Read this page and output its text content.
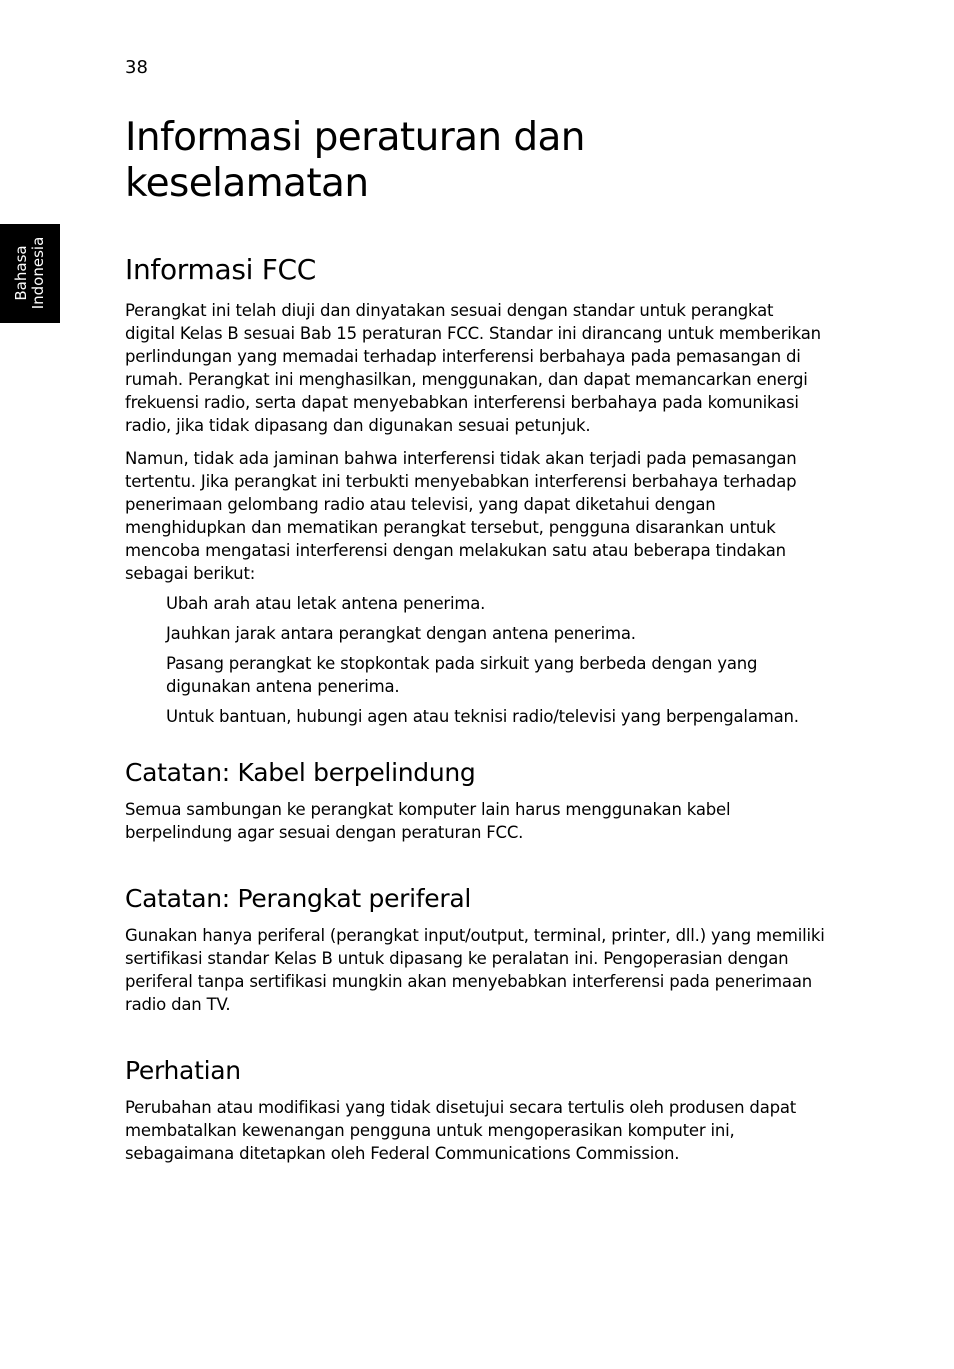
38
Bahasa Indonesia
Informasi peraturan dan
keselamatan
Informasi FCC

Perangkat ini telah diuji dan dinyatakan sesuai dengan standar untuk perangkat digital Kelas B sesuai Bab 15 peraturan FCC. Standar ini dirancang untuk memberikan perlindungan yang memadai terhadap interferensi berbahaya pada pemasangan di rumah. Perangkat ini menghasilkan, menggunakan, dan dapat memancarkan energi frekuensi radio, serta dapat menyebabkan interferensi berbahaya pada komunikasi radio, jika tidak dipasang dan digunakan sesuai petunjuk.

Namun, tidak ada jaminan bahwa interferensi tidak akan terjadi pada pemasangan tertentu. Jika perangkat ini terbukti menyebabkan interferensi berbahaya terhadap penerimaan gelombang radio atau televisi, yang dapat diketahui dengan menghidupkan dan mematikan perangkat tersebut, pengguna disarankan untuk mencoba mengatasi interferensi dengan melakukan satu atau beberapa tindakan sebagai berikut:

Ubah arah atau letak antena penerima.
Jauhkan jarak antara perangkat dengan antena penerima.
Pasang perangkat ke stopkontak pada sirkuit yang berbeda dengan yang digunakan antena penerima.
Untuk bantuan, hubungi agen atau teknisi radio/televisi yang berpengalaman.
Catatan: Kabel berpelindung

Semua sambungan ke perangkat komputer lain harus menggunakan kabel berpelindung agar sesuai dengan peraturan FCC.

Catatan: Perangkat periferal

Gunakan hanya periferal (perangkat input/output, terminal, printer, dll.) yang memiliki sertifikasi standar Kelas B untuk dipasang ke peralatan ini. Pengoperasian dengan periferal tanpa sertifikasi mungkin akan menyebabkan interferensi pada penerimaan radio dan TV.

Perhatian

Perubahan atau modifikasi yang tidak disetujui secara tertulis oleh produsen dapat membatalkan kewenangan pengguna untuk mengoperasikan komputer ini, sebagaimana ditetapkan oleh Federal Communications Commission.
